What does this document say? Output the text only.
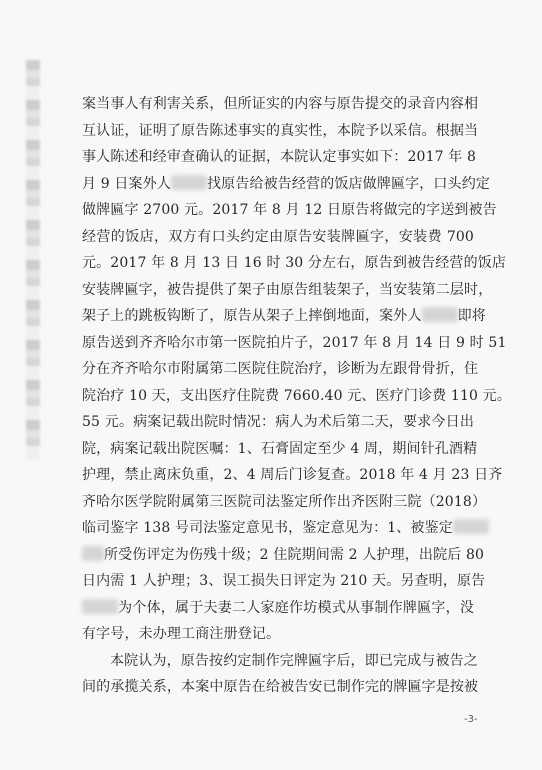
案当事人有利害关系，但所证实的内容与原告提交的录音内容相
互认证，证明了原告陈述事实的真实性，本院予以采信。根据当
事人陈述和经审查确认的证据，本院认定事实如下：2017 年 8
月 9 日案外人	找原告给被告经营的饭店做牌匾字，口头约定
做牌匾字 2700 元。2017 年 8 月 12 日原告将做完的字送到被告
经营的饭店，双方有口头约定由原告安装牌匾字，安装费 700
元。2017 年 8 月 13 日 16 时 30 分左右，原告到被告经营的饭店
安装牌匾字，被告提供了架子由原告组装架子，当安装第二层时，
架子上的跳板钩断了，原告从架子上摔倒地面，案外人	即将
原告送到齐齐哈尔市第一医院拍片子，2017 年 8 月 14 日 9 时 51
分在齐齐哈尔市附属第二医院住院治疗，诊断为左跟骨骨折，住
院治疗 10 天，支出医疗住院费 7660.40 元、医疗门诊费 110 元。
55 元。病案记载出院时情况：病人为术后第二天，要求今日出
院，病案记载出院医嘱：1、石膏固定至少 4 周，期间针孔酒精
护理，禁止离床负重，2、4 周后门诊复查。2018 年 4 月 23 日齐
齐哈尔医学院附属第三医院司法鉴定所作出齐医附三院（2018）
临司鉴字 138 号司法鉴定意见书，鉴定意见为：1、被鉴定
所受伤评定为伤残十级；2 住院期间需 2 人护理，出院后 80
日内需 1 人护理；3、误工损失日评定为 210 天。另查明，原告
为个体，属于夫妻二人家庭作坊模式从事制作牌匾字，没
有字号，未办理工商注册登记。
本院认为，原告按约定制作完牌匾字后，即已完成与被告之
间的承揽关系，本案中原告在给被告安已制作完的牌匾字是按被
-3-
